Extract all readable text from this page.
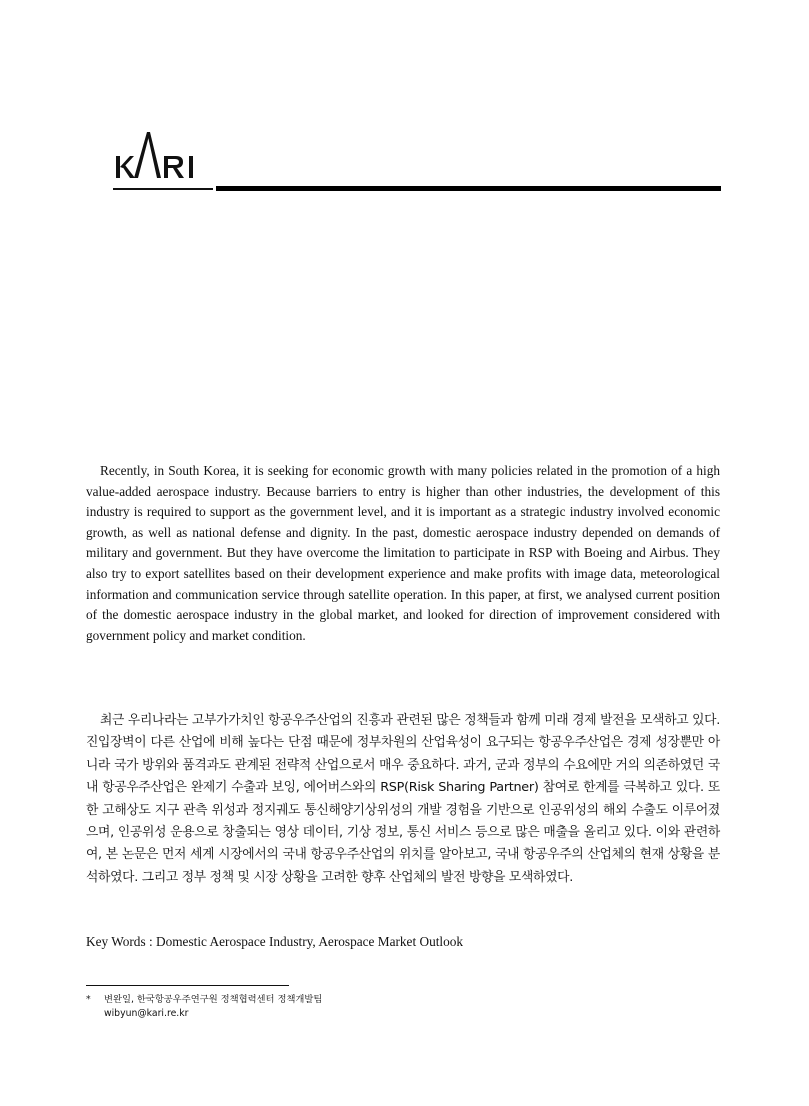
Recently, in South Korea, it is seeking for economic growth with many policies related in the promotion of a high value-added aerospace industry. Because barriers to entry is higher than other industries, the development of this industry is required to support as the government level, and it is important as a strategic industry involved economic growth, as well as national defense and dignity. In the past, domestic aerospace industry depended on demands of military and government. But they have overcome the limitation to participate in RSP with Boeing and Airbus. They also try to export satellites based on their development experience and make profits with image data, meteorological information and communication service through satellite operation. In this paper, at first, we analysed current position of the domestic aerospace industry in the global market, and looked for direction of improvement considered with government policy and market condition.

최근 우리나라는 고부가가치인 항공우주산업의 진흥과 관련된 많은 정책들과 함께 미래 경제 발전을 모색하고 있다. 진입장벽이 다른 산업에 비해 높다는 단점 때문에 정부차원의 산업육성이 요구되는 항공우주산업은 경제 성장뿐만 아니라 국가 방위와 품격과도 관계된 전략적 산업으로서 매우 중요하다. 과거, 군과 정부의 수요에만 거의 의존하였던 국내 항공우주산업은 완제기 수출과 보잉, 에어버스와의 RSP(Risk Sharing Partner) 참여로 한계를 극복하고 있다. 또한 고해상도 지구 관측 위성과 정지궤도 통신해양기상위성의 개발 경험을 기반으로 인공위성의 해외 수출도 이루어졌으며, 인공위성 운용으로 창출되는 영상 데이터, 기상 정보, 통신 서비스 등으로 많은 매출을 올리고 있다. 이와 관련하여, 본 논문은 먼저 세계 시장에서의 국내 항공우주산업의 위치를 알아보고, 국내 항공우주의 산업체의 현재 상황을 분석하였다. 그리고 정부 정책 및 시장 상황을 고려한 향후 산업체의 발전 방향을 모색하였다.

Key Words : Domestic Aerospace Industry, Aerospace Market Outlook

* 변완일, 한국항공우주연구원 정책협력센터 정책개발팀
wibyun@kari.re.kr
